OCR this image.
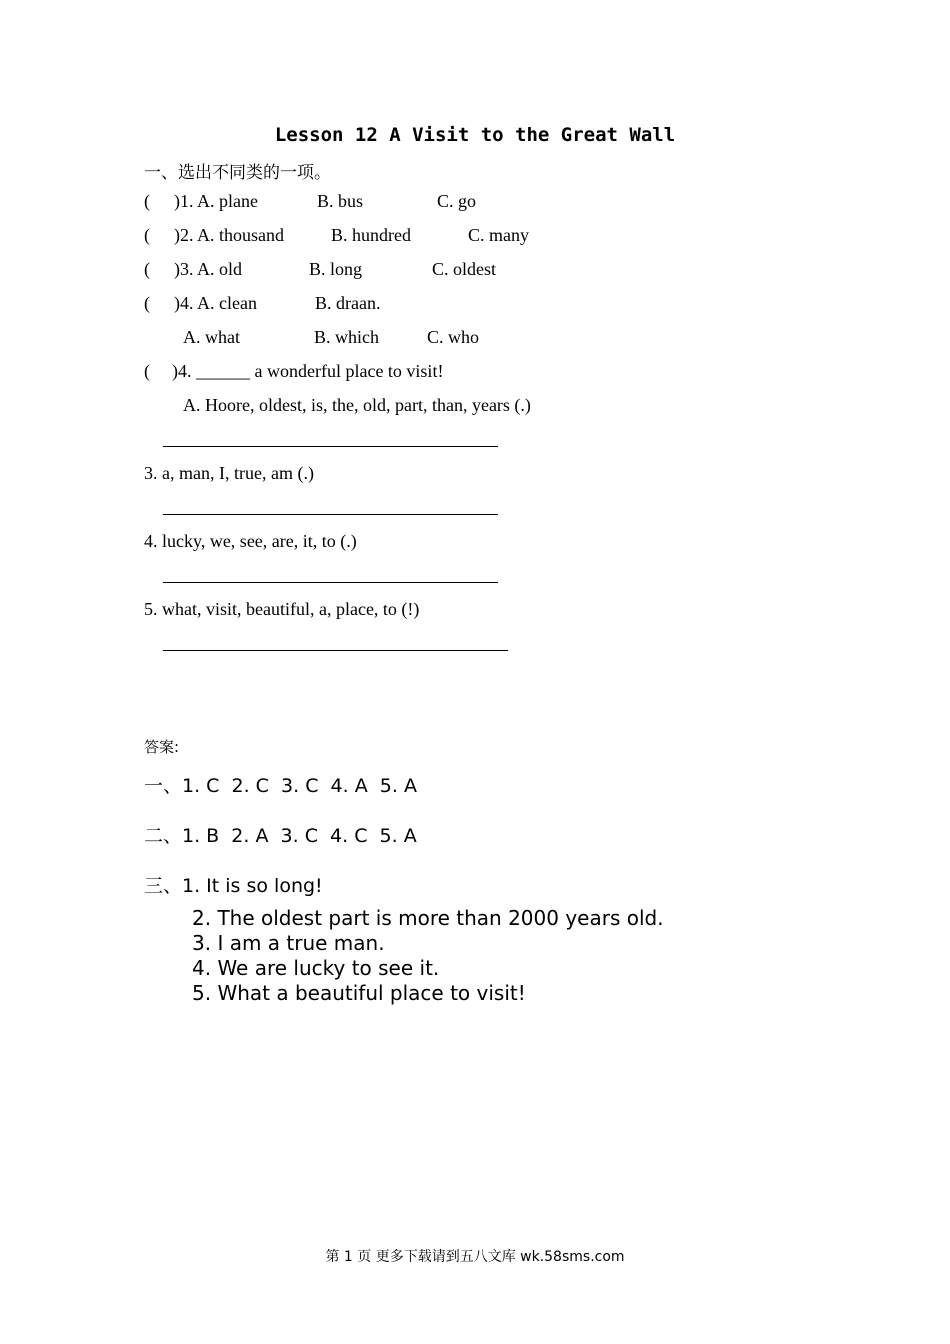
Lesson 12 A Visit to the Great Wall
一、选出不同类的一项。
( )1. A. plane	B. bus	C. go
( )2. A. thousand	B. hundred	C. many
( )3. A. old	B. long	C. oldest
( )4. A. clean	B. draan.
A. what	B. which	C. who
( )4. ______ a wonderful place to visit!
A. Hoore, oldest, is, the, old, part, than, years (.)
3. a, man, I, true, am (.)
4. lucky, we, see, are, it, to (.)
5. what, visit, beautiful, a, place, to (!)
答案:
一、1. C  2. C  3. C  4. A  5. A
二、1. B  2. A  3. C  4. C  5. A
三、1. It is so long!
2. The oldest part is more than 2000 years old.
3. I am a true man.
4. We are lucky to see it.
5. What a beautiful place to visit!
第 1 页 更多下载请到五八文库 wk.58sms.com
